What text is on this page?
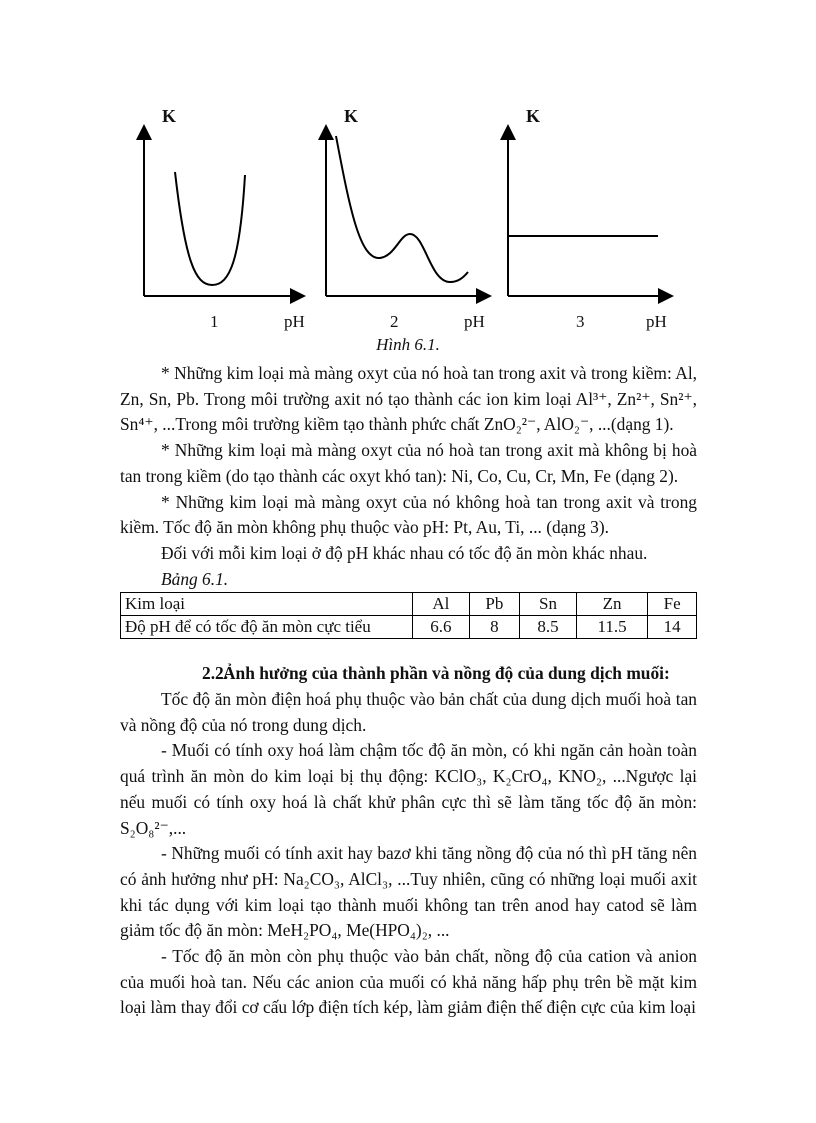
K	K	K
1	pH	2	pH	3	pH
Hình 6.1.

* Những kim loại mà màng oxyt của nó hoà tan trong axit và trong kiềm: Al, Zn, Sn, Pb. Trong môi trường axit nó tạo thành các ion kim loại Al³⁺, Zn²⁺, Sn²⁺, Sn⁴⁺, ...Trong môi trường kiềm tạo thành phức chất ZnO₂²⁻, AlO₂⁻, ...(dạng 1).

* Những kim loại mà màng oxyt của nó hoà tan trong axit mà không bị hoà tan trong kiềm (do tạo thành các oxyt khó tan): Ni, Co, Cu, Cr, Mn, Fe (dạng 2).

* Những kim loại mà màng oxyt của nó không hoà tan trong axit và trong kiềm. Tốc độ ăn mòn không phụ thuộc vào pH: Pt, Au, Ti, ... (dạng 3).

Đối với mỗi kim loại ở độ pH khác nhau có tốc độ ăn mòn khác nhau.

Bảng 6.1.

Kim loại	Al	Pb	Sn	Zn	Fe
Độ pH để có tốc độ ăn mòn cực tiểu	6.6	8	8.5	11.5	14

2.2.Ảnh hưởng của thành phần và nồng độ của dung dịch muối:

Tốc độ ăn mòn điện hoá phụ thuộc vào bản chất của dung dịch muối hoà tan và nồng độ của nó trong dung dịch.

- Muối có tính oxy hoá làm chậm tốc độ ăn mòn, có khi ngăn cản hoàn toàn quá trình ăn mòn do kim loại bị thụ động: KClO₃, K₂CrO₄, KNO₂, ...Ngược lại nếu muối có tính oxy hoá là chất khử phân cực thì sẽ làm tăng tốc độ ăn mòn: S₂O₈²⁻,...

- Những muối có tính axit hay bazơ khi tăng nồng độ của nó thì pH tăng nên có ảnh hưởng như pH: Na₂CO₃, AlCl₃, ...Tuy nhiên, cũng có những loại muối axit khi tác dụng với kim loại tạo thành muối không tan trên anod hay catod sẽ làm giảm tốc độ ăn mòn: MeH₂PO₄, Me(HPO₄)₂, ...

- Tốc độ ăn mòn còn phụ thuộc vào bản chất, nồng độ của cation và anion của muối hoà tan. Nếu các anion của muối có khả năng hấp phụ trên bề mặt kim loại làm thay đổi cơ cấu lớp điện tích kép, làm giảm điện thế điện cực của kim loại
